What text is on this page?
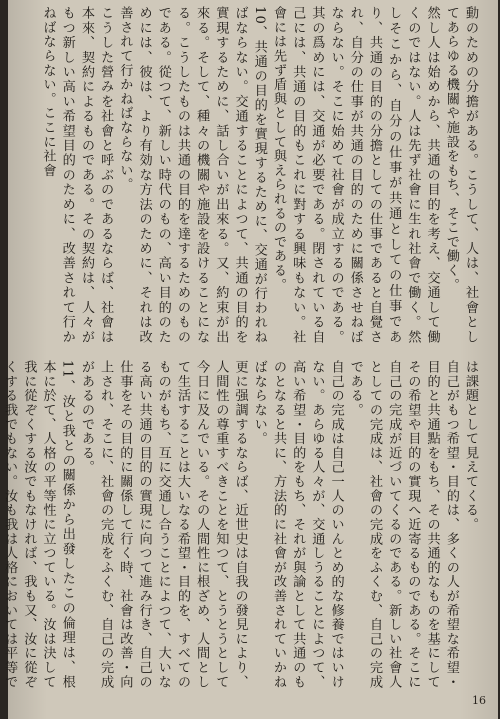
動のための分擔がある。こうして、人は、社會としてあらゆる機關や施設をもち、そこで働く。

然し人は始めから、共通の目的を考え、交通して働くのではない。人は先ず社會に生れ社會で働く。然しそこから、自分の仕事が共通としての仕事であり、共通の目的の分擔としての仕事であると自覺され、自分の仕事が共通の目的のために關係させねばならない。そこに始めて社會が成立するのである。其の爲めには、交通が必要である。閉されている自己には、共通の目的もこれに對する興味もない。社會には先ず盾與として與えられるのである。

10、共通の目的を實現するために、交通が行われねばならない。交通することによつて、共通の目的を實現するために、話し合いが出來る。又、約束が出來る。そして、種々の機關や施設を設けることになる。こうしたものは共通の目的を達するためのものである。從つて、新しい時代のもの、高い目的のためには、彼は、より有効な方法のために、それは改善されて行かねばならない。

こうした營みを社會と呼ぶのであるならば、社會は本來、契約によるものである。その契約は、人々がもつ新しい高い希望目的のために、改善されて行かねばならない。ここに社會

は課題として見えてくる。

自己がもつ希望・目的は、多くの人が希望な希望・目的と共通點をもち、その共通的なものを基にしてその希望や目的の實現へ近寄るものである。そこに自己の完成が近づいてくるのである。新しい社會人としての完成は、社會の完成をふくむ、自己の完成である。

自己の完成は自己一人のいんとめ的な修養ではいけない。あらゆる人々が、交通しうることによつて、高い希望・目的をもち、それが與論として共通のものとなると共に、方法的に社會が改善されていかねばならない。

更に强調するならば、近世史は自我の發見により、人間性の尊重すべきことを知つて、とうとうとして今日に及んでいる。その人間性に根ざめ、人間として生活することは大いなる希望・目的を、すべてのものがもち、互に交通し合うことによつて、大いなる高い共通の目的の實現に向つて進み行き、自己の仕事をその目的に關係して行く時、社會は改善・向上され、そこに、社會の完成をふくむ、自己の完成があるのである。

11、汝と我との關係から出發したこの倫理は、根本に於て、人格の平等性に立つている。汝は決して我に從ぞくする汝でもなければ、我も又、汝に從ぞくする我でもない。汝も我は人格においては平等で

16
